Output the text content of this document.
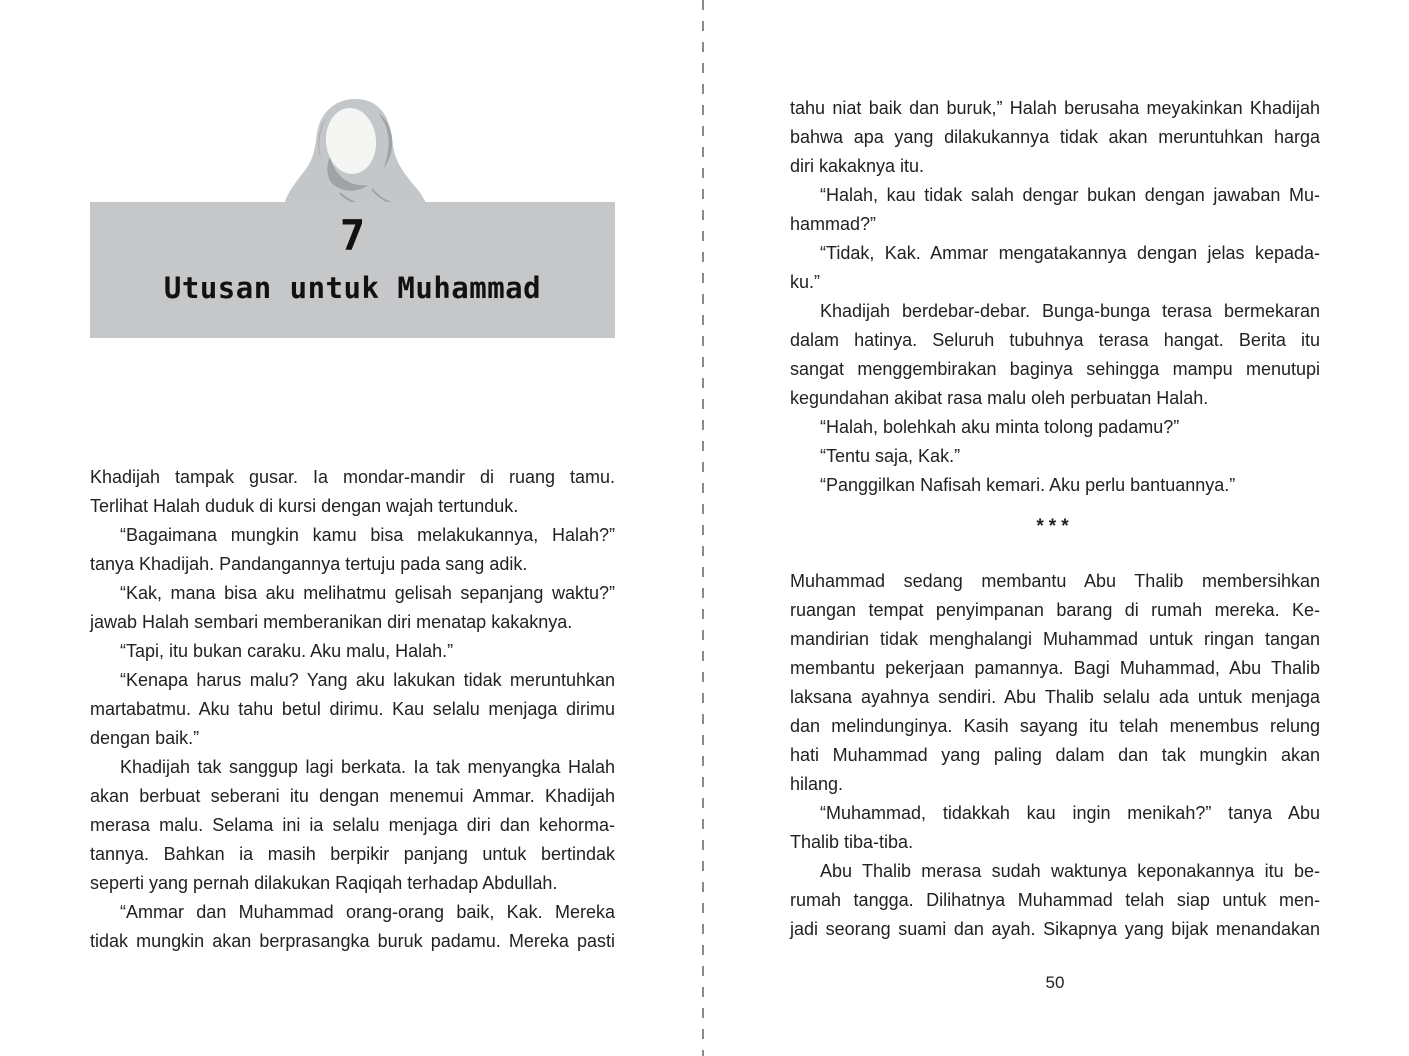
7
Utusan untuk Muhammad
Khadijah tampak gusar. Ia mondar-mandir di ruang tamu.
Terlihat Halah duduk di kursi dengan wajah tertunduk.
“Bagaimana mungkin kamu bisa melakukannya, Halah?”
tanya Khadijah. Pandangannya tertuju pada sang adik.
“Kak, mana bisa aku melihatmu gelisah sepanjang waktu?”
jawab Halah sembari memberanikan diri menatap kakaknya.
“Tapi, itu bukan caraku. Aku malu, Halah.”
“Kenapa harus malu? Yang aku lakukan tidak meruntuhkan
martabatmu. Aku tahu betul dirimu. Kau selalu menjaga dirimu
dengan baik.”
Khadijah tak sanggup lagi berkata. Ia tak menyangka Halah
akan berbuat seberani itu dengan menemui Ammar. Khadijah
merasa malu. Selama ini ia selalu menjaga diri dan kehorma-
tannya. Bahkan ia masih berpikir panjang untuk bertindak
seperti yang pernah dilakukan Raqiqah terhadap Abdullah.
“Ammar dan Muhammad orang-orang baik, Kak. Mereka
tidak mungkin akan berprasangka buruk padamu. Mereka pasti
tahu niat baik dan buruk,” Halah berusaha meyakinkan Khadijah
bahwa apa yang dilakukannya tidak akan meruntuhkan harga
diri kakaknya itu.
“Halah, kau tidak salah dengar bukan dengan jawaban Mu-
hammad?”
“Tidak, Kak. Ammar mengatakannya dengan jelas kepada-
ku.”
Khadijah berdebar-debar. Bunga-bunga terasa bermekaran
dalam hatinya. Seluruh tubuhnya terasa hangat. Berita itu
sangat menggembirakan baginya sehingga mampu menutupi
kegundahan akibat rasa malu oleh perbuatan Halah.
“Halah, bolehkah aku minta tolong padamu?”
“Tentu saja, Kak.”
“Panggilkan Nafisah kemari. Aku perlu bantuannya.”
***
Muhammad sedang membantu Abu Thalib membersihkan
ruangan tempat penyimpanan barang di rumah mereka. Ke-
mandirian tidak menghalangi Muhammad untuk ringan tangan
membantu pekerjaan pamannya. Bagi Muhammad, Abu Thalib
laksana ayahnya sendiri. Abu Thalib selalu ada untuk menjaga
dan melindunginya. Kasih sayang itu telah menembus relung
hati Muhammad yang paling dalam dan tak mungkin akan
hilang.
“Muhammad, tidakkah kau ingin menikah?” tanya Abu
Thalib tiba-tiba.
Abu Thalib merasa sudah waktunya keponakannya itu be-
rumah tangga. Dilihatnya Muhammad telah siap untuk men-
jadi seorang suami dan ayah. Sikapnya yang bijak menandakan
50
